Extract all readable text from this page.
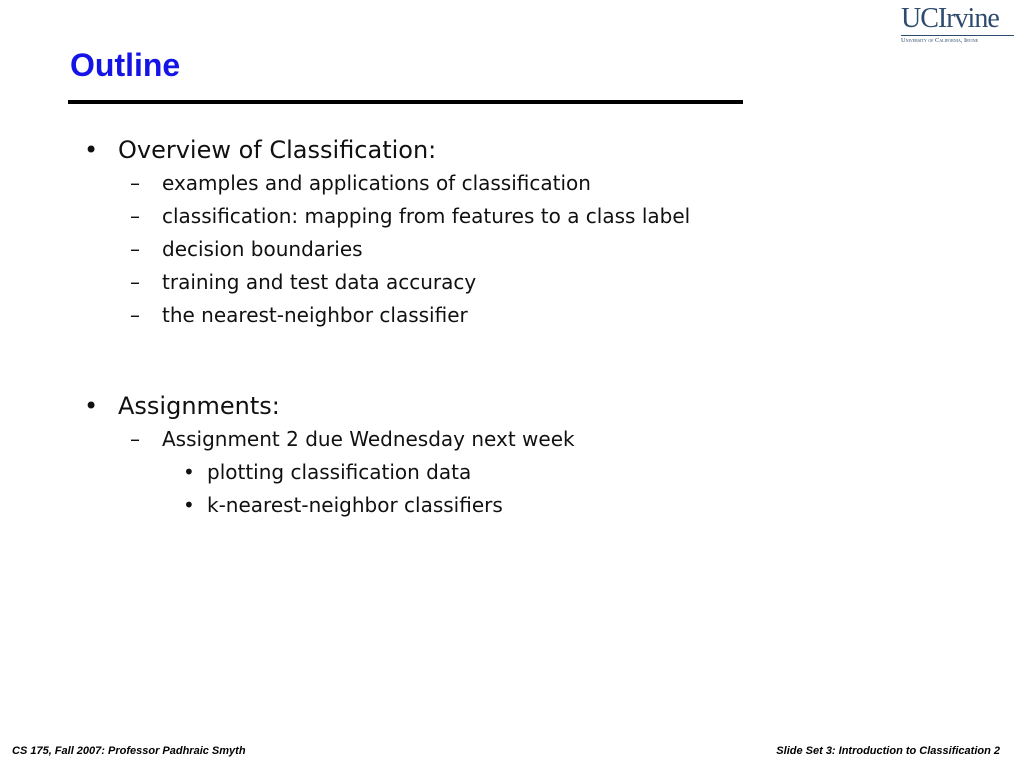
Outline
UCIrvine
University of California, Irvine
• Overview of Classification:
– examples and applications of classification
– classification: mapping from features to a class label
– decision boundaries
– training and test data accuracy
– the nearest-neighbor classifier
• Assignments:
– Assignment 2 due Wednesday next week
• plotting classification data
• k-nearest-neighbor classifiers
CS 175, Fall 2007: Professor Padhraic Smyth	Slide Set 3: Introduction to Classification 2
